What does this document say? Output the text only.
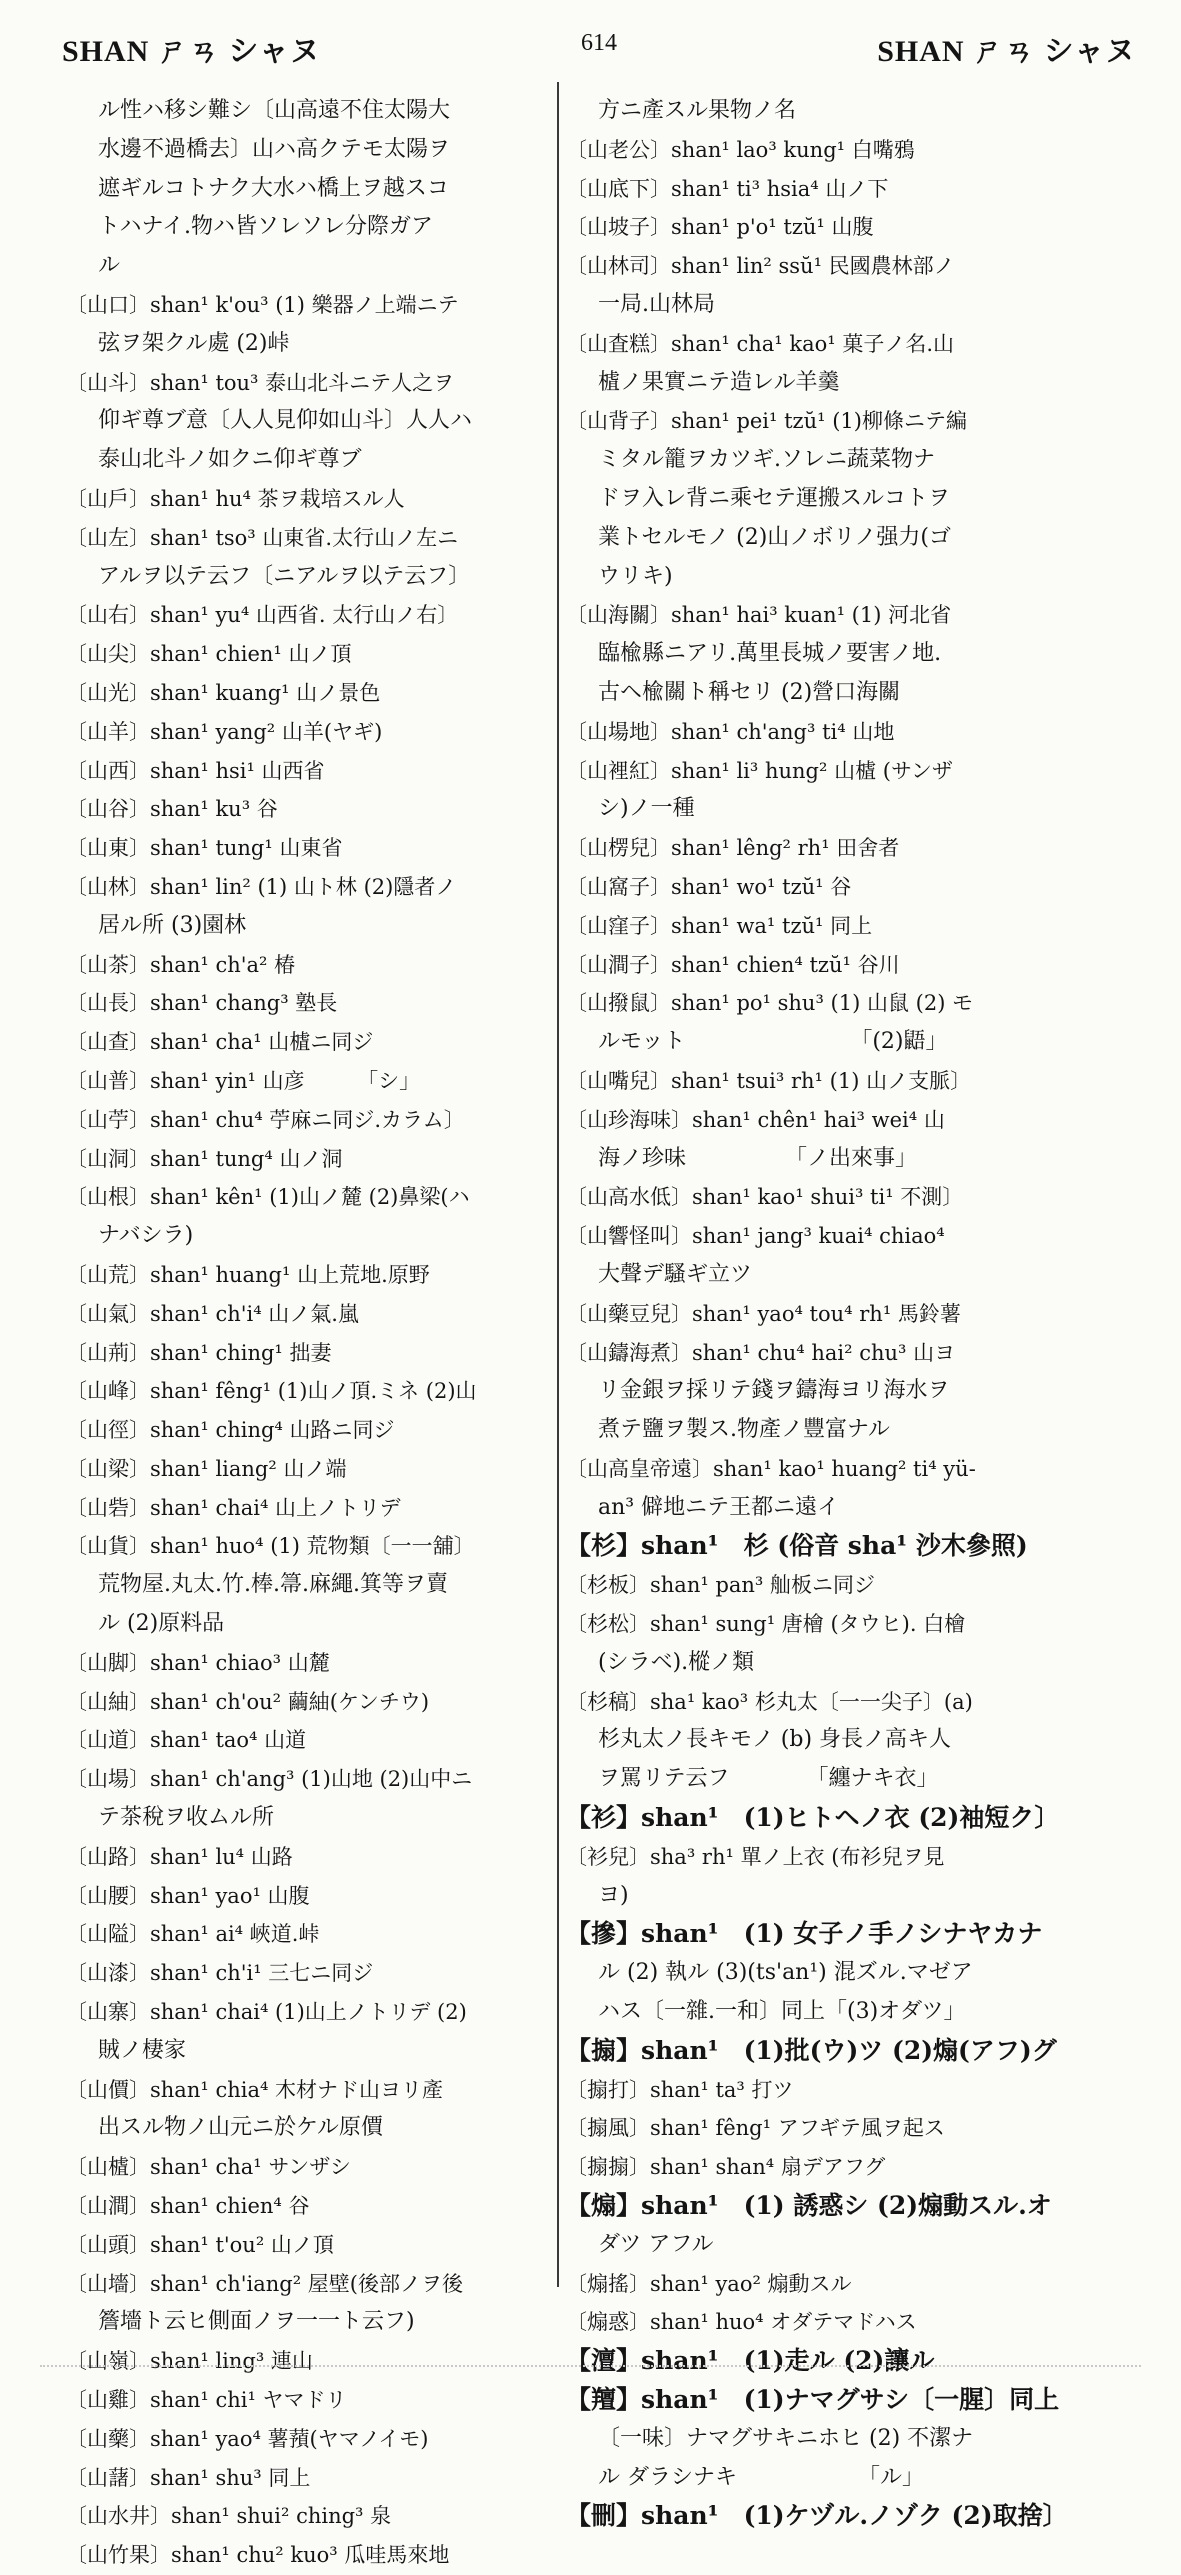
SHAN ㄕㄢ シャヌ	614	SHAN ㄕㄢ シャヌ
ル性ハ移シ難シ〔山高遠不住太陽大
水邊不過橋去〕山ハ高クテモ太陽ヲ
遮ギルコトナク大水ハ橋上ヲ越スコ
トハナイ.物ハ皆ソレソレ分際ガア
ル
〔山口〕shan¹ k'ou³ (1) 樂器ノ上端ニテ
弦ヲ架クル處 (2)峠
〔山斗〕shan¹ tou³ 泰山北斗ニテ人之ヲ
仰ギ尊ブ意〔人人見仰如山斗〕人人ハ
泰山北斗ノ如クニ仰ギ尊ブ
〔山戶〕shan¹ hu⁴ 茶ヲ栽培スル人
〔山左〕shan¹ tso³ 山東省.太行山ノ左ニ
アルヲ以テ云フ〔ニアルヲ以テ云フ〕
〔山右〕shan¹ yu⁴ 山西省. 太行山ノ右〕
〔山尖〕shan¹ chien¹ 山ノ頂
〔山光〕shan¹ kuang¹ 山ノ景色
〔山羊〕shan¹ yang² 山羊(ヤギ)
〔山西〕shan¹ hsi¹ 山西省
〔山谷〕shan¹ ku³ 谷
〔山東〕shan¹ tung¹ 山東省
〔山林〕shan¹ lin² (1) 山ト林 (2)隱者ノ
居ル所 (3)園林
〔山茶〕shan¹ ch'a² 椿
〔山長〕shan¹ chang³ 塾長
〔山查〕shan¹ cha¹ 山樝ニ同ジ
〔山普〕shan¹ yin¹ 山彦　　　「シ」
〔山苧〕shan¹ chu⁴ 苧麻ニ同ジ.カラム〕
〔山洞〕shan¹ tung⁴ 山ノ洞
〔山根〕shan¹ kên¹ (1)山ノ麓 (2)鼻梁(ハ
ナバシラ)
〔山荒〕shan¹ huang¹ 山上荒地.原野
〔山氣〕shan¹ ch'i⁴ 山ノ氣.嵐
〔山荊〕shan¹ ching¹ 拙妻
〔山峰〕shan¹ fêng¹ (1)山ノ頂.ミネ (2)山
〔山徑〕shan¹ ching⁴ 山路ニ同ジ
〔山梁〕shan¹ liang² 山ノ端
〔山砦〕shan¹ chai⁴ 山上ノトリデ
〔山貨〕shan¹ huo⁴ (1) 荒物類〔一一舖〕
荒物屋.丸太.竹.棒.箒.麻繩.箕等ヲ賣
ル (2)原料品
〔山脚〕shan¹ chiao³ 山麓
〔山紬〕shan¹ ch'ou² 繭紬(ケンチウ)
〔山道〕shan¹ tao⁴ 山道
〔山場〕shan¹ ch'ang³ (1)山地 (2)山中ニ
テ茶稅ヲ收ムル所
〔山路〕shan¹ lu⁴ 山路
〔山腰〕shan¹ yao¹ 山腹
〔山隘〕shan¹ ai⁴ 峽道.峠
〔山漆〕shan¹ ch'i¹ 三七ニ同ジ
〔山寨〕shan¹ chai⁴ (1)山上ノトリデ (2)
賊ノ棲家
〔山價〕shan¹ chia⁴ 木材ナド山ヨリ產
出スル物ノ山元ニ於ケル原價
〔山樝〕shan¹ cha¹ サンザシ
〔山澗〕shan¹ chien⁴ 谷
〔山頭〕shan¹ t'ou² 山ノ頂
〔山墻〕shan¹ ch'iang² 屋壁(後部ノヲ後
簷墻ト云ヒ側面ノヲ一一ト云フ)
〔山嶺〕shan¹ ling³ 連山
〔山雞〕shan¹ chi¹ ヤマドリ
〔山藥〕shan¹ yao⁴ 薯蕷(ヤマノイモ)
〔山藷〕shan¹ shu³ 同上
〔山水井〕shan¹ shui² ching³ 泉
〔山竹果〕shan¹ chu² kuo³ 瓜哇馬來地
方ニ產スル果物ノ名
〔山老公〕shan¹ lao³ kung¹ 白嘴鴉
〔山底下〕shan¹ ti³ hsia⁴ 山ノ下
〔山坡子〕shan¹ p'o¹ tzŭ¹ 山腹
〔山林司〕shan¹ lin² ssŭ¹ 民國農林部ノ
一局.山林局
〔山査糕〕shan¹ cha¹ kao¹ 菓子ノ名.山
樝ノ果實ニテ造レル羊羹
〔山背子〕shan¹ pei¹ tzŭ¹ (1)柳條ニテ編
ミタル籠ヲカツギ.ソレニ蔬菜物ナ
ドヲ入レ背ニ乘セテ運搬スルコトヲ
業トセルモノ (2)山ノボリノ强力(ゴ
ウリキ)
〔山海關〕shan¹ hai³ kuan¹ (1) 河北省
臨楡縣ニアリ.萬里長城ノ要害ノ地.
古ヘ楡關ト稱セリ (2)營口海關
〔山場地〕shan¹ ch'ang³ ti⁴ 山地
〔山裡紅〕shan¹ li³ hung² 山樝 (サンザ
シ)ノ一種
〔山楞兒〕shan¹ lêng² rh¹ 田舍者
〔山窩子〕shan¹ wo¹ tzŭ¹ 谷
〔山窪子〕shan¹ wa¹ tzŭ¹ 同上
〔山澗子〕shan¹ chien⁴ tzŭ¹ 谷川
〔山撥鼠〕shan¹ po¹ shu³ (1) 山鼠 (2) モ
ルモット　　　　　　　　「(2)鼯」
〔山嘴兒〕shan¹ tsui³ rh¹ (1) 山ノ支脈〕
〔山珍海味〕shan¹ chên¹ hai³ wei⁴ 山
海ノ珍味　　　　　「ノ出來事」
〔山高水低〕shan¹ kao¹ shui³ ti¹ 不測〕
〔山響怪叫〕shan¹ jang³ kuai⁴ chiao⁴
大聲デ騷ギ立ツ
〔山藥豆兒〕shan¹ yao⁴ tou⁴ rh¹ 馬鈴薯
〔山鑄海煮〕shan¹ chu⁴ hai² chu³ 山ヨ
リ金銀ヲ採リテ錢ヲ鑄海ヨリ海水ヲ
煮テ鹽ヲ製ス.物產ノ豐富ナル
〔山高皇帝遠〕shan¹ kao¹ huang² ti⁴ yü-
an³ 僻地ニテ王都ニ遠イ
【杉】shan¹　杉 (俗音 sha¹ 沙木參照)
〔杉板〕shan¹ pan³ 舢板ニ同ジ
〔杉松〕shan¹ sung¹ 唐檜 (タウヒ). 白檜
(シラベ).樅ノ類
〔杉稿〕sha¹ kao³ 杉丸太〔一一尖子〕(a)
杉丸太ノ長キモノ (b) 身長ノ高キ人
ヲ罵リテ云フ　　　　「纏ナキ衣」
【衫】shan¹　(1)ヒトヘノ衣 (2)袖短ク〕
〔衫兒〕sha³ rh¹ 單ノ上衣 (布衫兒ヲ見
ヨ)
【摻】shan¹　(1) 女子ノ手ノシナヤカナ
ル (2) 執ル (3)(ts'an¹) 混ズル.マゼア
ハス〔一雜.一和〕同上「(3)オダツ」
【搧】shan¹　(1)批(ウ)ツ (2)煽(アフ)グ
〔搧打〕shan¹ ta³ 打ツ
〔搧風〕shan¹ fêng¹ アフギテ風ヲ起ス
〔搧搧〕shan¹ shan⁴ 扇デアフグ
【煽】shan¹　(1) 誘惑シ (2)煽動スル.オ
ダツ アフル
〔煽搖〕shan¹ yao² 煽動スル
〔煽惑〕shan¹ huo⁴ オダテマドハス
【澶】shan¹　(1)走ル (2)讓ル
【羶】shan¹　(1)ナマグサシ〔一腥〕同上
〔一味〕ナマグサキニホヒ (2) 不潔ナ
ル ダラシナキ　　　　　　「ル」
【刪】shan¹　(1)ケヅル.ノゾク (2)取捨〕
